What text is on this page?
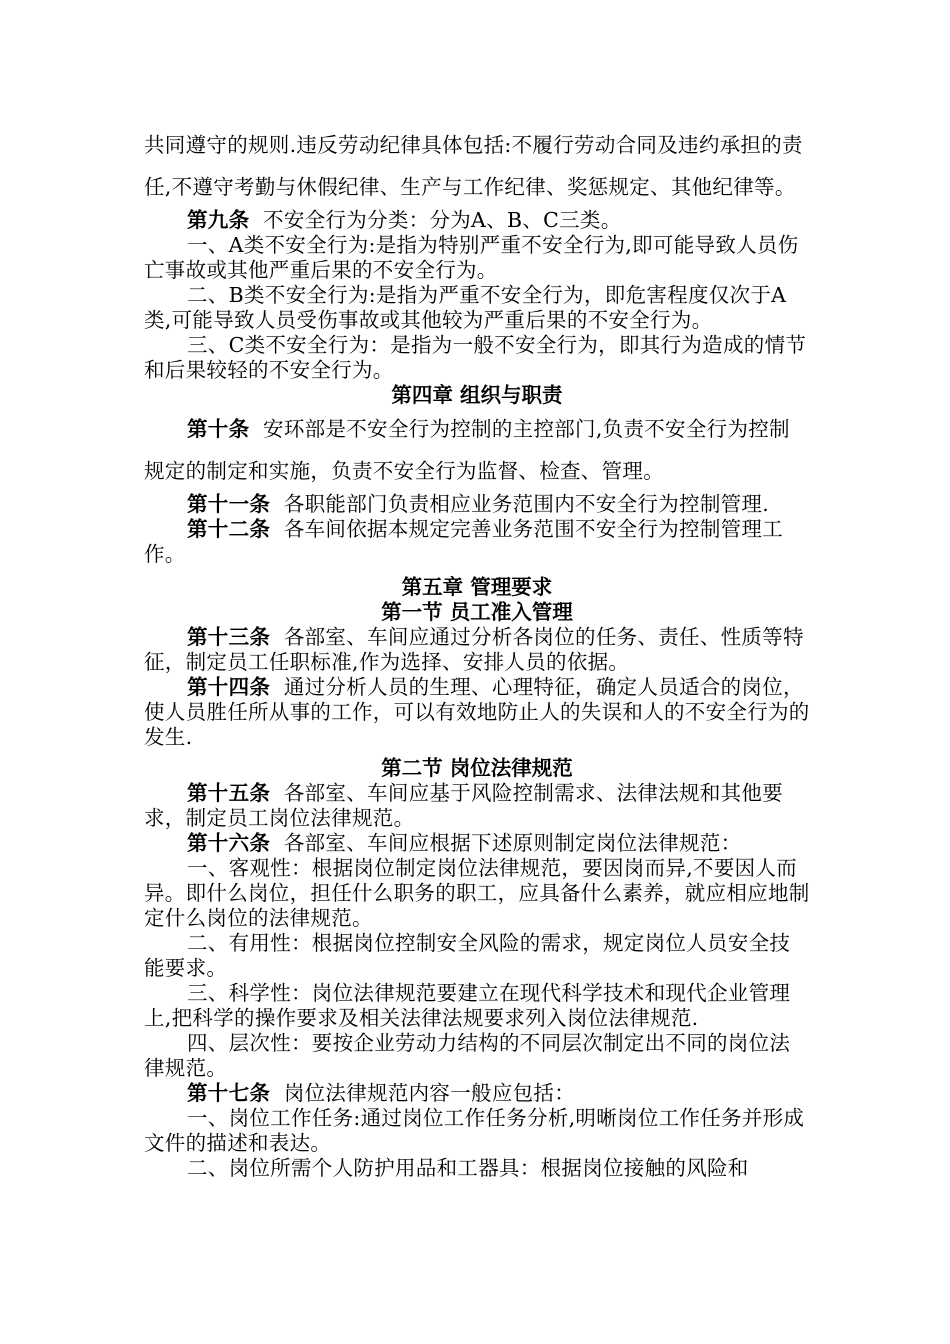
共同遵守的规则.违反劳动纪律具体包括:不履行劳动合同及违约承担的责任,不遵守考勤与休假纪律、生产与工作纪律、奖惩规定、其他纪律等。

第九条  不安全行为分类：分为A、B、C三类。

一、A类不安全行为:是指为特别严重不安全行为,即可能导致人员伤亡事故或其他严重后果的不安全行为。

二、B类不安全行为:是指为严重不安全行为，即危害程度仅次于A类,可能导致人员受伤事故或其他较为严重后果的不安全行为。

三、C类不安全行为：是指为一般不安全行为，即其行为造成的情节和后果较轻的不安全行为。

第四章 组织与职责

第十条  安环部是不安全行为控制的主控部门,负责不安全行为控制规定的制定和实施，负责不安全行为监督、检查、管理。

第十一条  各职能部门负责相应业务范围内不安全行为控制管理.

第十二条  各车间依据本规定完善业务范围不安全行为控制管理工作。

第五章 管理要求

第一节 员工准入管理

第十三条  各部室、车间应通过分析各岗位的任务、责任、性质等特征，制定员工任职标准,作为选择、安排人员的依据。

第十四条  通过分析人员的生理、心理特征，确定人员适合的岗位，使人员胜任所从事的工作，可以有效地防止人的失误和人的不安全行为的发生.

第二节 岗位法律规范

第十五条  各部室、车间应基于风险控制需求、法律法规和其他要求，制定员工岗位法律规范。

第十六条  各部室、车间应根据下述原则制定岗位法律规范：

一、客观性：根据岗位制定岗位法律规范，要因岗而异,不要因人而异。即什么岗位，担任什么职务的职工，应具备什么素养，就应相应地制定什么岗位的法律规范。

二、有用性：根据岗位控制安全风险的需求，规定岗位人员安全技能要求。

三、科学性：岗位法律规范要建立在现代科学技术和现代企业管理上,把科学的操作要求及相关法律法规要求列入岗位法律规范.

四、层次性：要按企业劳动力结构的不同层次制定出不同的岗位法律规范。

第十七条  岗位法律规范内容一般应包括：

一、岗位工作任务:通过岗位工作任务分析,明晰岗位工作任务并形成文件的描述和表达。

二、岗位所需个人防护用品和工器具：根据岗位接触的风险和
